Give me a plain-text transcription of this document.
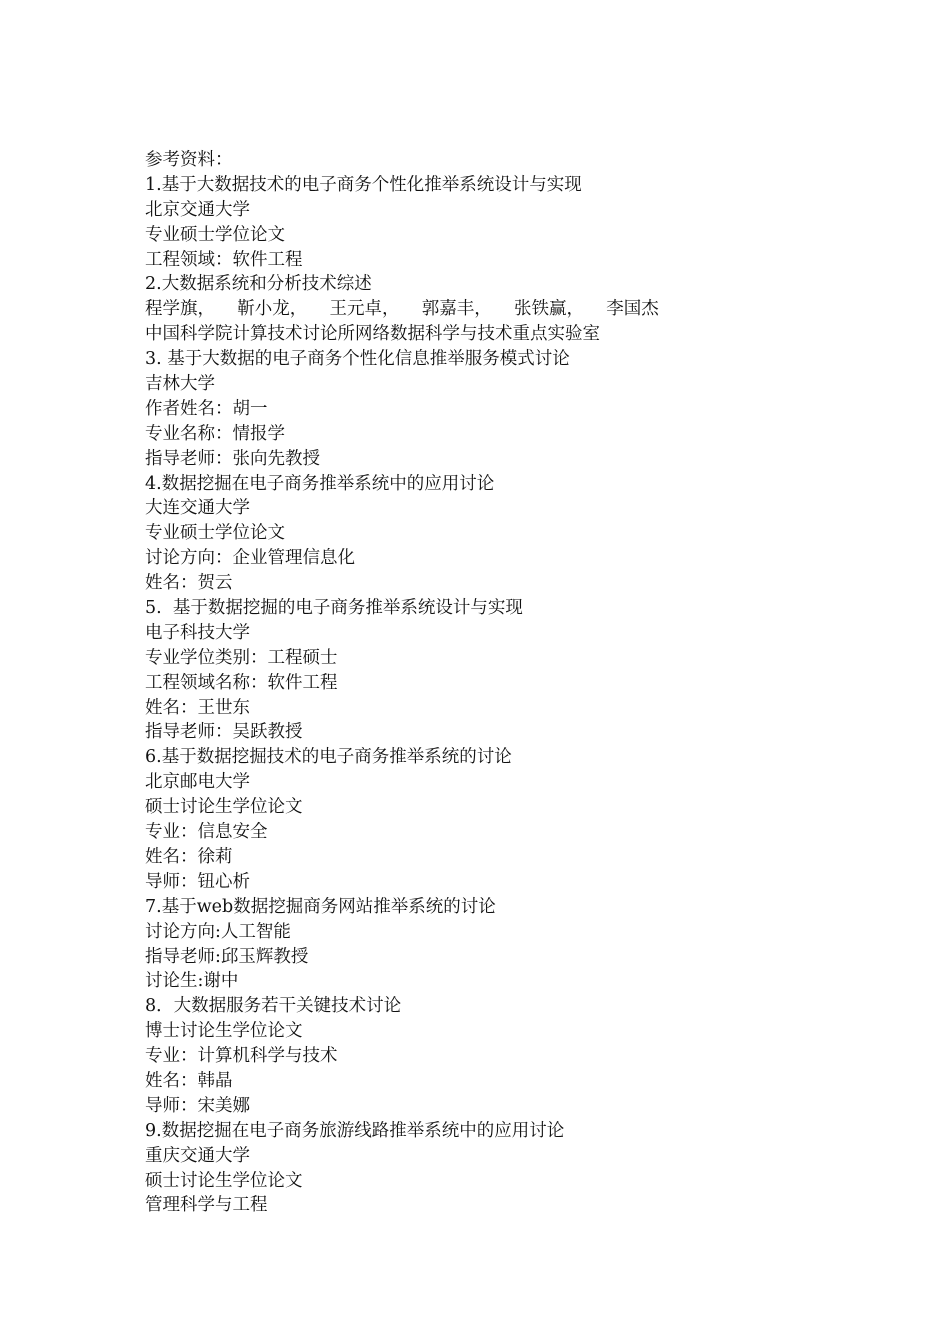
参考资料：
1.基于大数据技术的电子商务个性化推举系统设计与实现
北京交通大学
专业硕士学位论文
工程领域：软件工程
2.大数据系统和分析技术综述
程学旗，    靳小龙，    王元卓，    郭嘉丰，    张铁赢，    李国杰
中国科学院计算技术讨论所网络数据科学与技术重点实验室
3. 基于大数据的电子商务个性化信息推举服务模式讨论
吉林大学
作者姓名：胡一
专业名称：情报学
指导老师：张向先教授
4.数据挖掘在电子商务推举系统中的应用讨论
大连交通大学
专业硕士学位论文
讨论方向：企业管理信息化
姓名：贺云
5.  基于数据挖掘的电子商务推举系统设计与实现
电子科技大学
专业学位类别：工程硕士
工程领域名称：软件工程
姓名：王世东
指导老师：吴跃教授
6.基于数据挖掘技术的电子商务推举系统的讨论
北京邮电大学
硕士讨论生学位论文
专业：信息安全
姓名：徐莉
导师：钮心析
7.基于web数据挖掘商务网站推举系统的讨论
讨论方向:人工智能
指导老师:邱玉辉教授
讨论生:谢中
8．大数据服务若干关键技术讨论
博士讨论生学位论文
专业：计算机科学与技术
姓名：韩晶
导师：宋美娜
9.数据挖掘在电子商务旅游线路推举系统中的应用讨论
重庆交通大学
硕士讨论生学位论文
管理科学与工程
